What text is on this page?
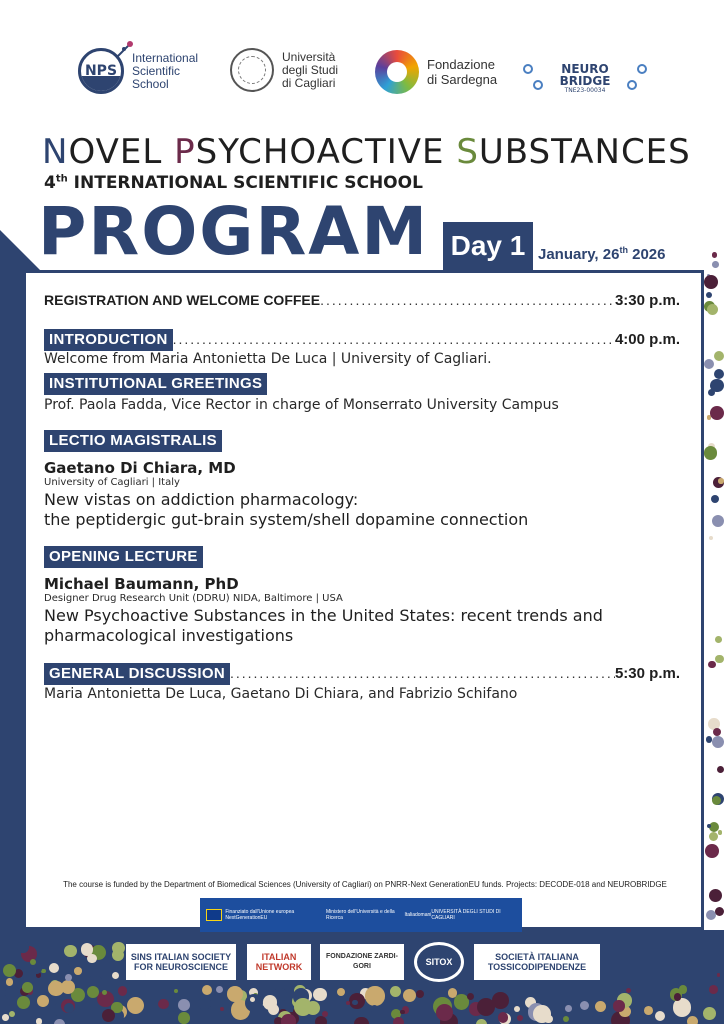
NPS
International
Scientific
School
Università
degli Studi
di Cagliari
Fondazione
di Sardegna
NEURO
BRIDGE
TNE23-00034
NOVEL PSYCHOACTIVE SUBSTANCES
4th INTERNATIONAL SCIENTIFIC SCHOOL
PROGRAM Day 1 January, 26th 2026
REGISTRATION AND WELCOME COFFEE .....	3:30 p.m.
INTRODUCTION .....	4:00 p.m.
Welcome from Maria Antonietta De Luca | University of Cagliari.
INSTITUTIONAL GREETINGS
Prof. Paola Fadda, Vice Rector in charge of Monserrato University Campus
LECTIO MAGISTRALIS
Gaetano Di Chiara, MD
University of Cagliari | Italy
New vistas on addiction pharmacology:
the peptidergic gut-brain system/shell dopamine connection
OPENING LECTURE
Michael Baumann, PhD
Designer Drug Research Unit (DDRU) NIDA, Baltimore | USA
New Psychoactive Substances in the United States: recent trends and
pharmacological investigations
GENERAL DISCUSSION .....	5:30 p.m.
Maria Antonietta De Luca, Gaetano Di Chiara, and Fabrizio Schifano
The course is funded by the Department of Biomedical Sciences (University of Cagliari) on PNRR-Next GenerationEU funds. Projects: DECODE-018 and NEUROBRIDGE
Finanziato dall'Unione europea NextGenerationEU
Ministero dell'Università e della Ricerca	Italiadomani UNIVERSITÀ DEGLI STUDI DI CAGLIARI
SINS ITALIAN SOCIETY FOR NEUROSCIENCE
ITALIAN NETWORK
FONDAZIONE ZARDI-GORI	SITOX	SOCIETÀ ITALIANA
TOSSICODIPENDENZE
